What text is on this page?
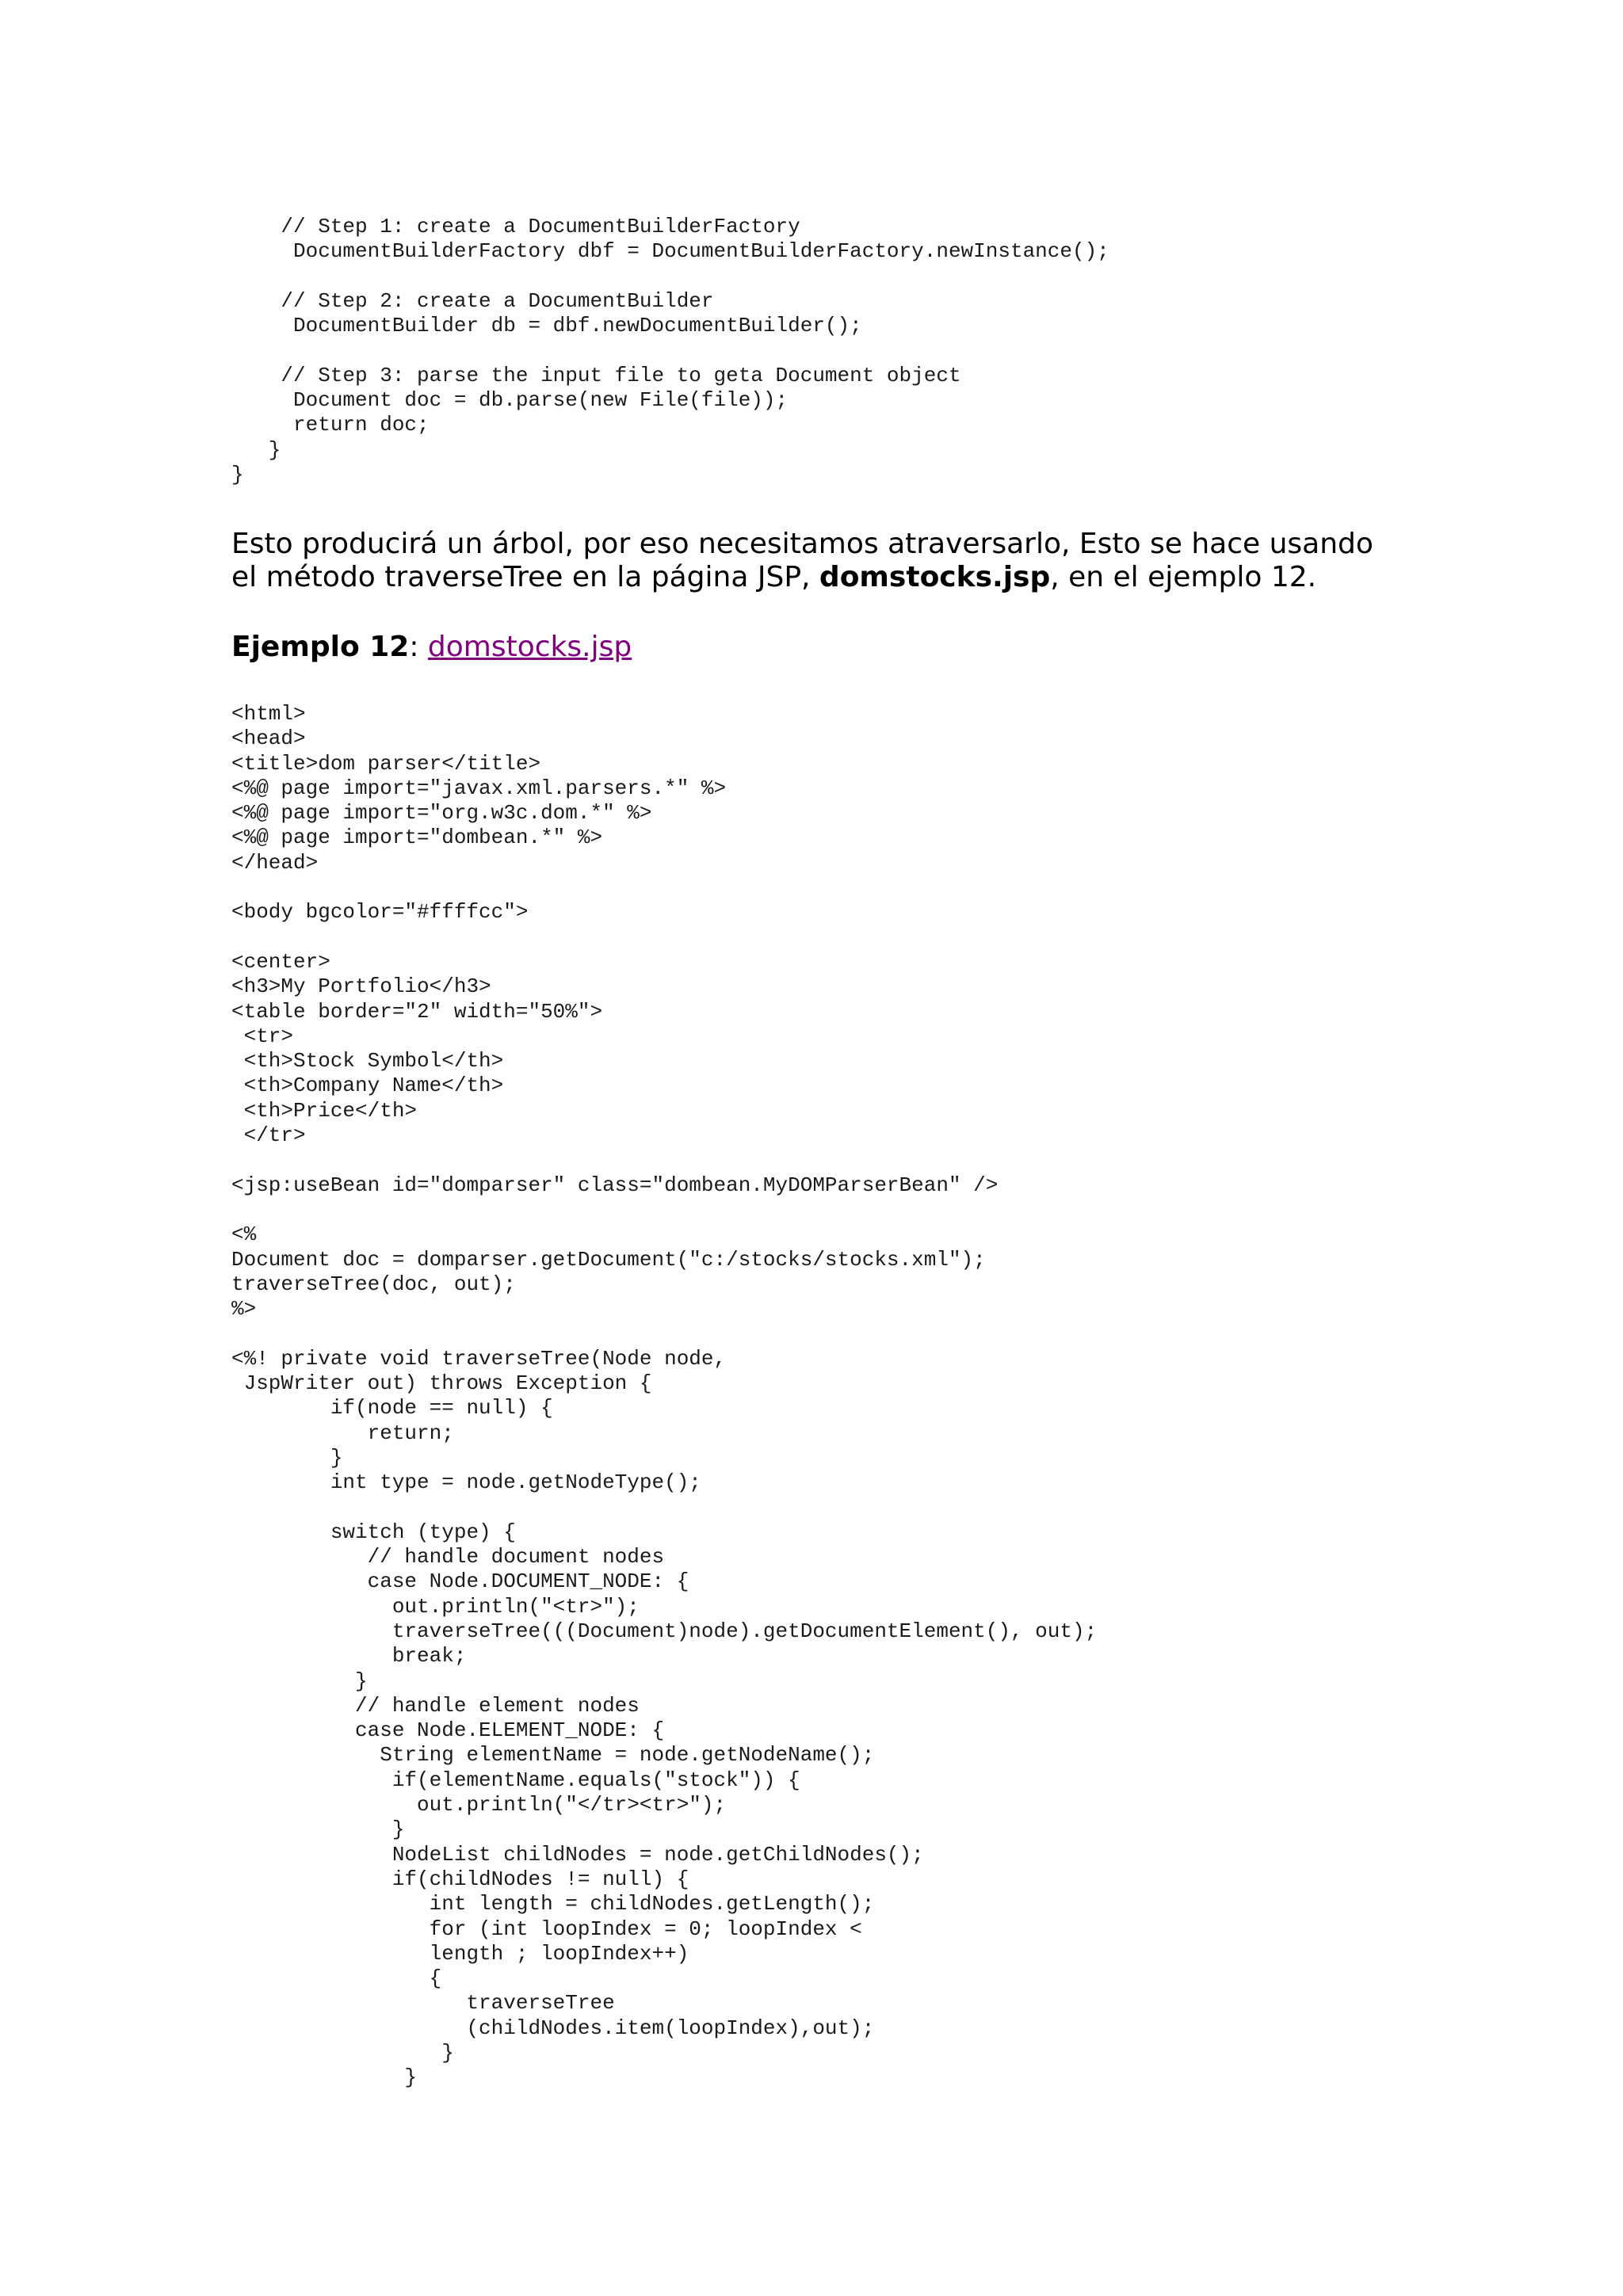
// Step 1: create a DocumentBuilderFactory
DocumentBuilderFactory dbf = DocumentBuilderFactory.newInstance();

// Step 2: create a DocumentBuilder
DocumentBuilder db = dbf.newDocumentBuilder();

// Step 3: parse the input file to geta Document object
Document doc = db.parse(new File(file));
return doc;
}
}

Esto producirá un árbol, por eso necesitamos atraversarlo, Esto se hace usando el método traverseTree en la página JSP, domstocks.jsp, en el ejemplo 12.

Ejemplo 12: domstocks.jsp

<html>
<head>
<title>dom parser</title>
<%@ page import="javax.xml.parsers.*" %>
<%@ page import="org.w3c.dom.*" %>
<%@ page import="dombean.*" %>
</head>

<body bgcolor="#ffffcc">

<center>
<h3>My Portfolio</h3>
<table border="2" width="50%">
<tr>
<th>Stock Symbol</th>
<th>Company Name</th>
<th>Price</th>
</tr>

<jsp:useBean id="domparser" class="dombean.MyDOMParserBean" />

<%
Document doc = domparser.getDocument("c:/stocks/stocks.xml");
traverseTree(doc, out);
%>

<%! private void traverseTree(Node node,
JspWriter out) throws Exception {
if(node == null) {
return;
}
int type = node.getNodeType();

switch (type) {
// handle document nodes
case Node.DOCUMENT_NODE: {
out.println("<tr>");
traverseTree(((Document)node).getDocumentElement(), out);
break;
}
// handle element nodes
case Node.ELEMENT_NODE: {
String elementName = node.getNodeName();
if(elementName.equals("stock")) {
out.println("</tr><tr>");
}
NodeList childNodes = node.getChildNodes();
if(childNodes != null) {
int length = childNodes.getLength();
for (int loopIndex = 0; loopIndex <
length ; loopIndex++)
{
traverseTree
(childNodes.item(loopIndex),out);
}
}
